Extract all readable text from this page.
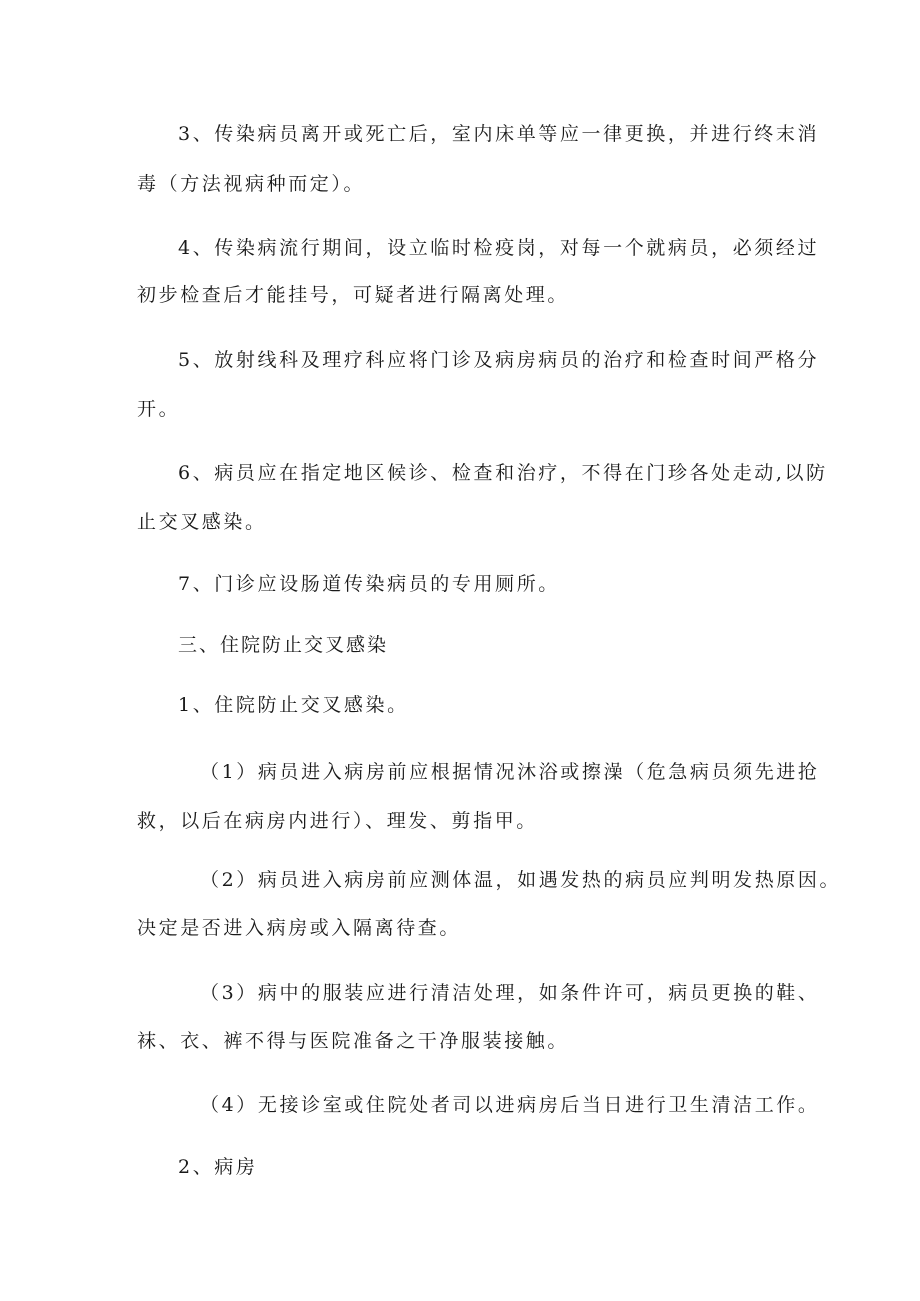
3、传染病员离开或死亡后，室内床单等应一律更换，并进行终末消
毒（方法视病种而定）。
4、传染病流行期间，设立临时检疫岗，对每一个就病员，必须经过
初步检查后才能挂号，可疑者进行隔离处理。
5、放射线科及理疗科应将门诊及病房病员的治疗和检查时间严格分
开。
6、病员应在指定地区候诊、检查和治疗，不得在门珍各处走动,以防
止交叉感染。
7、门诊应设肠道传染病员的专用厕所。
三、住院防止交叉感染
1、住院防止交叉感染。
（1）病员进入病房前应根据情况沐浴或擦澡（危急病员须先进抢
救，以后在病房内进行）、理发、剪指甲。
（2）病员进入病房前应测体温，如遇发热的病员应判明发热原因。
决定是否进入病房或入隔离待查。
（3）病中的服装应进行清洁处理，如条件许可，病员更换的鞋、
袜、衣、裤不得与医院准备之干净服装接触。
（4）无接诊室或住院处者司以进病房后当日进行卫生清洁工作。
2、病房
